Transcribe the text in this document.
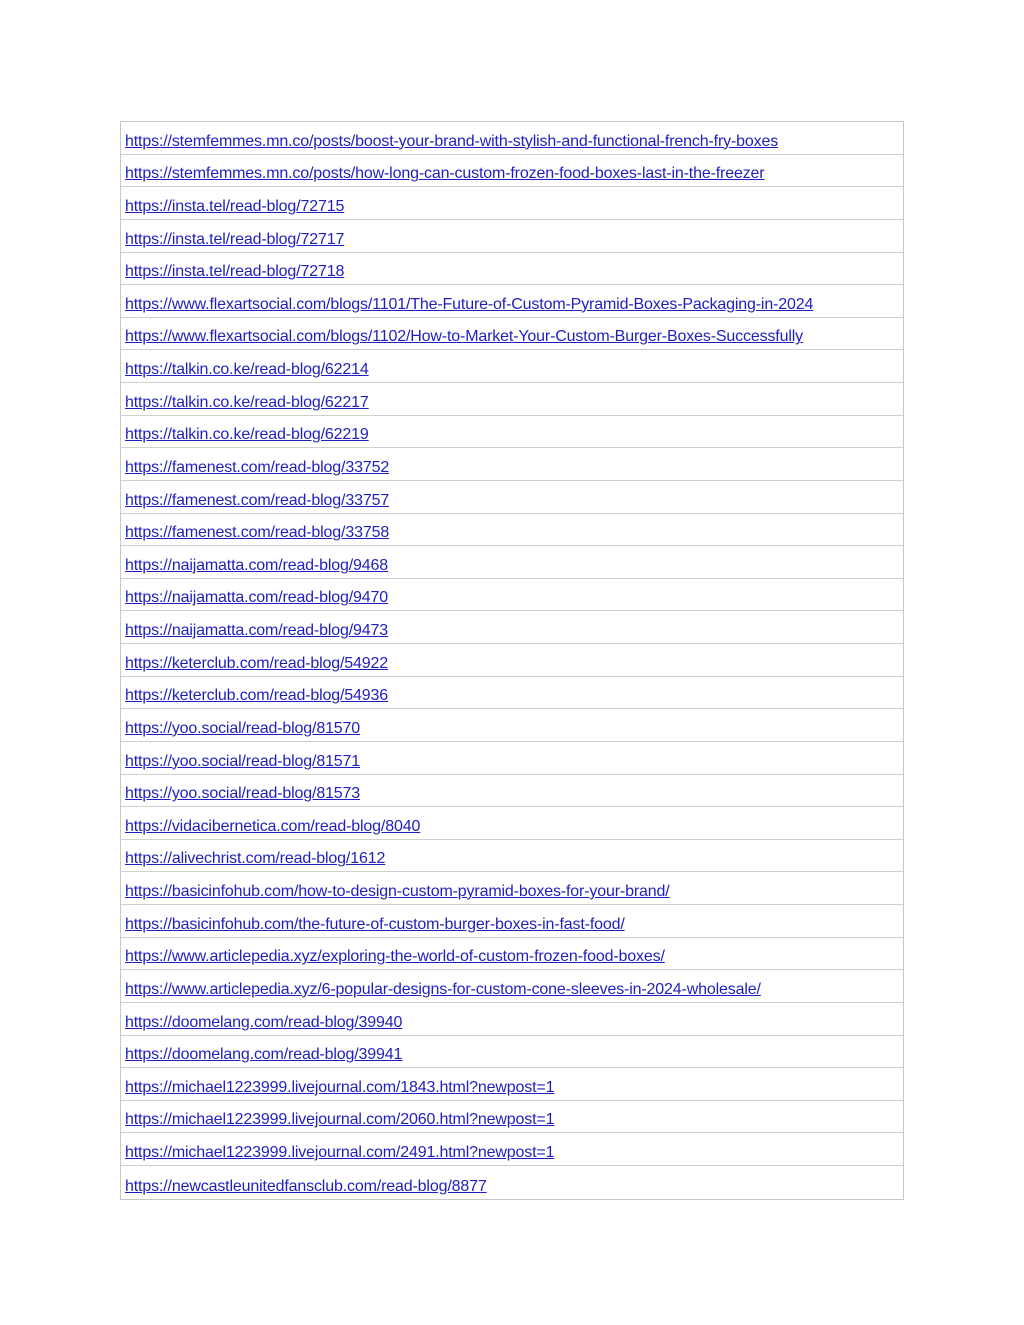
https://stemfemmes.mn.co/posts/boost-your-brand-with-stylish-and-functional-french-fry-boxes
https://stemfemmes.mn.co/posts/how-long-can-custom-frozen-food-boxes-last-in-the-freezer
https://insta.tel/read-blog/72715
https://insta.tel/read-blog/72717
https://insta.tel/read-blog/72718
https://www.flexartsocial.com/blogs/1101/The-Future-of-Custom-Pyramid-Boxes-Packaging-in-2024
https://www.flexartsocial.com/blogs/1102/How-to-Market-Your-Custom-Burger-Boxes-Successfully
https://talkin.co.ke/read-blog/62214
https://talkin.co.ke/read-blog/62217
https://talkin.co.ke/read-blog/62219
https://famenest.com/read-blog/33752
https://famenest.com/read-blog/33757
https://famenest.com/read-blog/33758
https://naijamatta.com/read-blog/9468
https://naijamatta.com/read-blog/9470
https://naijamatta.com/read-blog/9473
https://keterclub.com/read-blog/54922
https://keterclub.com/read-blog/54936
https://yoo.social/read-blog/81570
https://yoo.social/read-blog/81571
https://yoo.social/read-blog/81573
https://vidacibernetica.com/read-blog/8040
https://alivechrist.com/read-blog/1612
https://basicinfohub.com/how-to-design-custom-pyramid-boxes-for-your-brand/
https://basicinfohub.com/the-future-of-custom-burger-boxes-in-fast-food/
https://www.articlepedia.xyz/exploring-the-world-of-custom-frozen-food-boxes/
https://www.articlepedia.xyz/6-popular-designs-for-custom-cone-sleeves-in-2024-wholesale/
https://doomelang.com/read-blog/39940
https://doomelang.com/read-blog/39941
https://michael1223999.livejournal.com/1843.html?newpost=1
https://michael1223999.livejournal.com/2060.html?newpost=1
https://michael1223999.livejournal.com/2491.html?newpost=1
https://newcastleunitedfansclub.com/read-blog/8877
